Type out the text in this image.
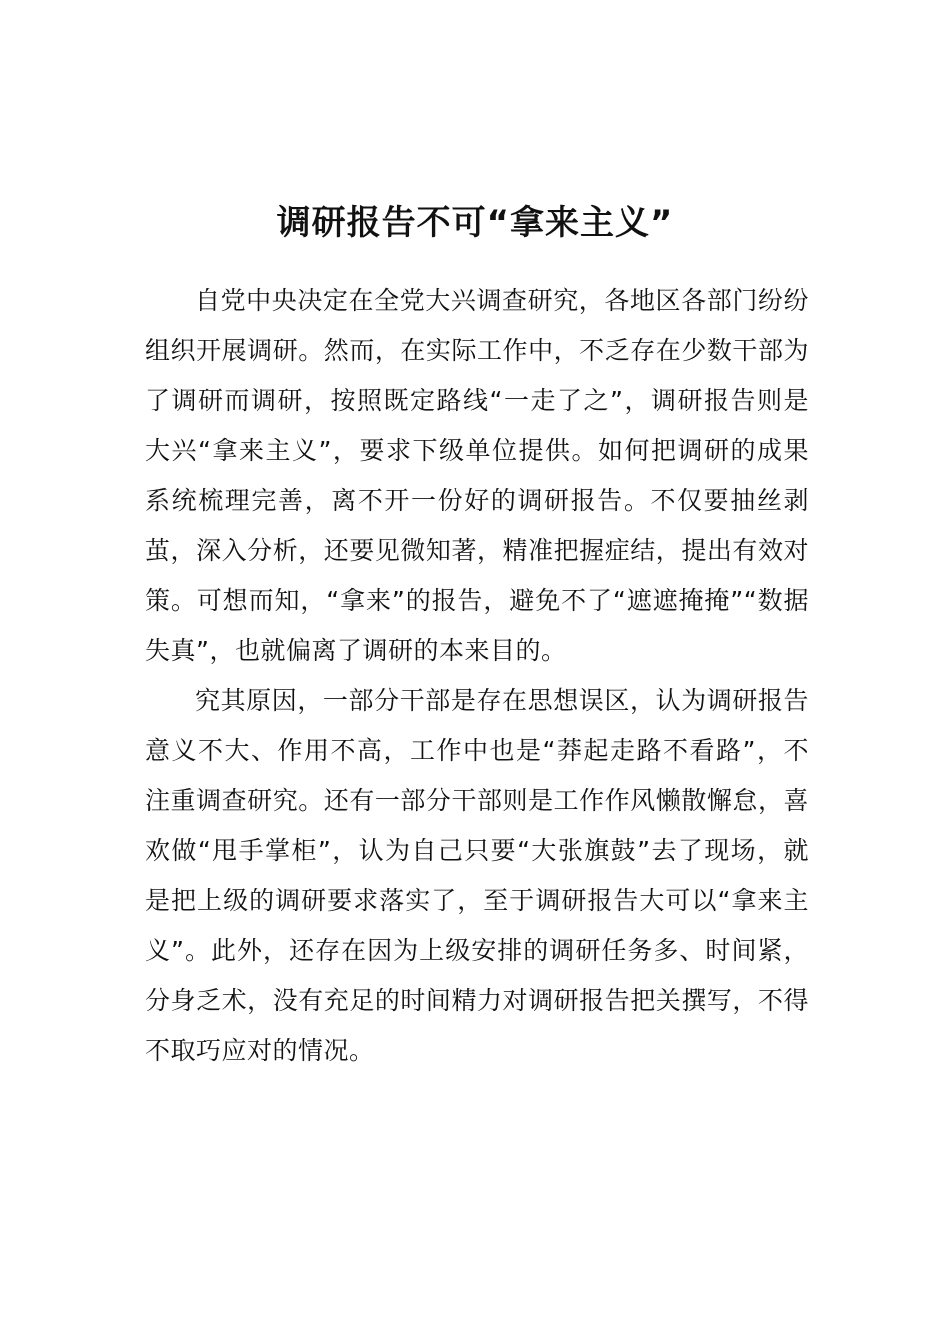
调研报告不可“拿来主义”

自党中央决定在全党大兴调查研究，各地区各部门纷纷组织开展调研。然而，在实际工作中，不乏存在少数干部为了调研而调研，按照既定路线“一走了之”，调研报告则是大兴“拿来主义”，要求下级单位提供。如何把调研的成果系统梳理完善，离不开一份好的调研报告。不仅要抽丝剥茧，深入分析，还要见微知著，精准把握症结，提出有效对策。可想而知，“拿来”的报告，避免不了“遮遮掩掩”“数据失真”，也就偏离了调研的本来目的。

究其原因，一部分干部是存在思想误区，认为调研报告意义不大、作用不高，工作中也是“莽起走路不看路”，不注重调查研究。还有一部分干部则是工作作风懒散懈怠，喜欢做“甩手掌柜”，认为自己只要“大张旗鼓”去了现场，就是把上级的调研要求落实了，至于调研报告大可以“拿来主义”。此外，还存在因为上级安排的调研任务多、时间紧，分身乏术，没有充足的时间精力对调研报告把关撰写，不得不取巧应对的情况。
